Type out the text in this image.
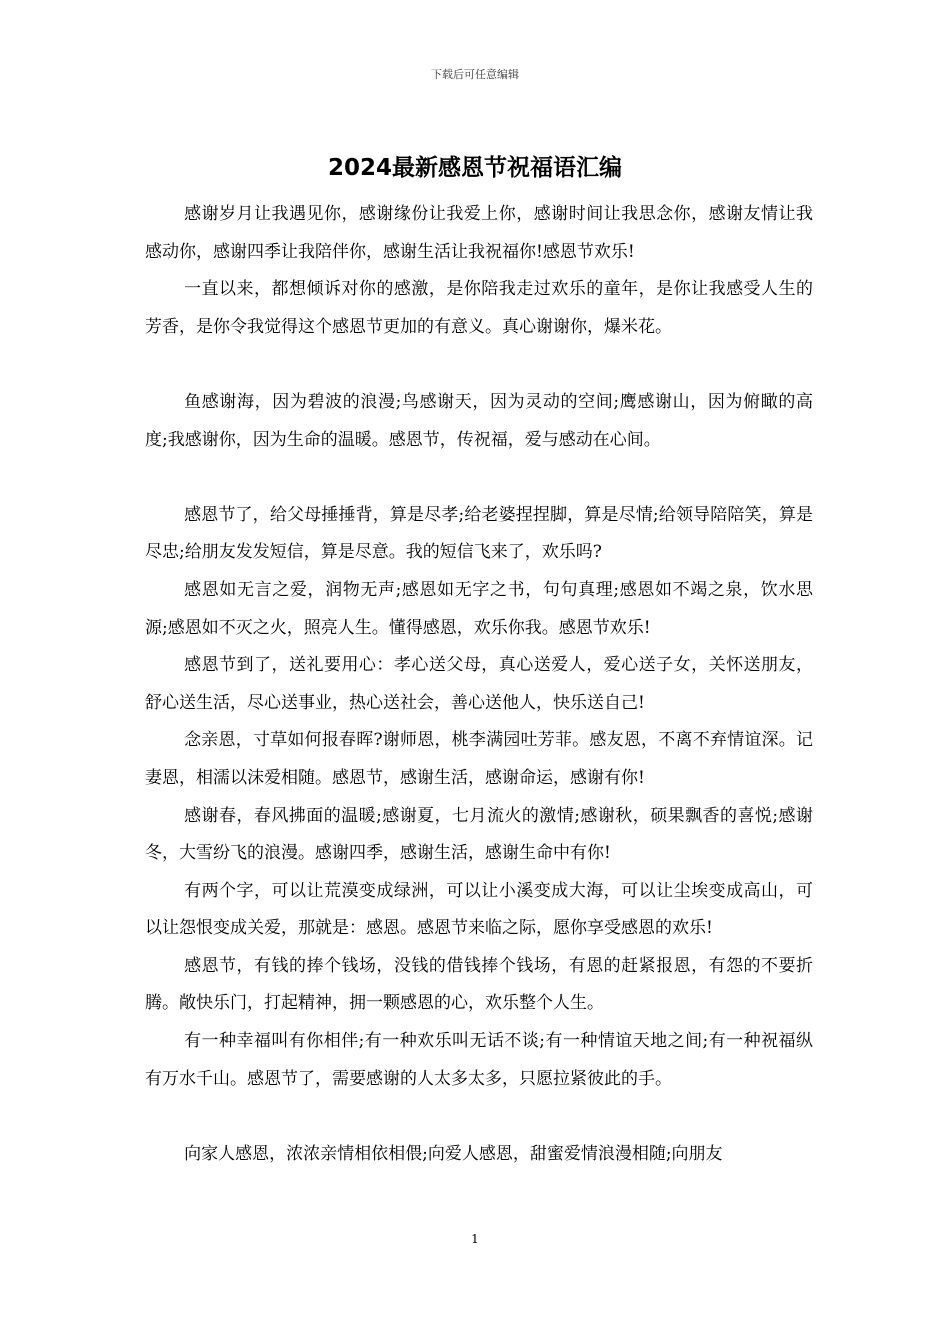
下载后可任意编辑
2024最新感恩节祝福语汇编

感谢岁月让我遇见你，感谢缘份让我爱上你，感谢时间让我思念你，感谢友情让我感动你，感谢四季让我陪伴你，感谢生活让我祝福你!感恩节欢乐!

一直以来，都想倾诉对你的感激，是你陪我走过欢乐的童年，是你让我感受人生的芳香，是你令我觉得这个感恩节更加的有意义。真心谢谢你，爆米花。

鱼感谢海，因为碧波的浪漫;鸟感谢天，因为灵动的空间;鹰感谢山，因为俯瞰的高度;我感谢你，因为生命的温暖。感恩节，传祝福，爱与感动在心间。

感恩节了，给父母捶捶背，算是尽孝;给老婆捏捏脚，算是尽情;给领导陪陪笑，算是尽忠;给朋友发发短信，算是尽意。我的短信飞来了，欢乐吗?

感恩如无言之爱，润物无声;感恩如无字之书，句句真理;感恩如不竭之泉，饮水思源;感恩如不灭之火，照亮人生。懂得感恩，欢乐你我。感恩节欢乐!

感恩节到了，送礼要用心：孝心送父母，真心送爱人，爱心送子女，关怀送朋友，舒心送生活，尽心送事业，热心送社会，善心送他人，快乐送自己!

念亲恩，寸草如何报春晖?谢师恩，桃李满园吐芳菲。感友恩，不离不弃情谊深。记妻恩，相濡以沫爱相随。感恩节，感谢生活，感谢命运，感谢有你!

感谢春，春风拂面的温暖;感谢夏，七月流火的激情;感谢秋，硕果飘香的喜悦;感谢冬，大雪纷飞的浪漫。感谢四季，感谢生活，感谢生命中有你!

有两个字，可以让荒漠变成绿洲，可以让小溪变成大海，可以让尘埃变成高山，可以让怨恨变成关爱，那就是：感恩。感恩节来临之际，愿你享受感恩的欢乐!

感恩节，有钱的捧个钱场，没钱的借钱捧个钱场，有恩的赶紧报恩，有怨的不要折腾。敞快乐门，打起精神，拥一颗感恩的心，欢乐整个人生。

有一种幸福叫有你相伴;有一种欢乐叫无话不谈;有一种情谊天地之间;有一种祝福纵有万水千山。感恩节了，需要感谢的人太多太多，只愿拉紧彼此的手。

向家人感恩，浓浓亲情相依相偎;向爱人感恩，甜蜜爱情浪漫相随;向朋友

1
